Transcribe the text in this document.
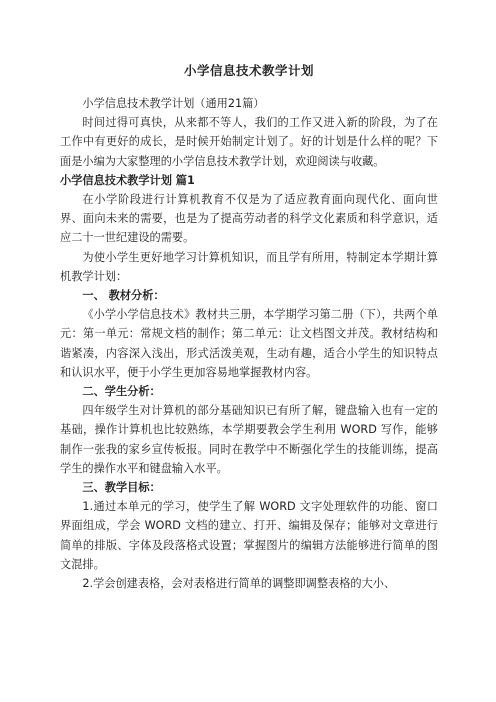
小学信息技术教学计划

小学信息技术教学计划（通用21篇）

时间过得可真快，从来都不等人，我们的工作又进入新的阶段，为了在工作中有更好的成长，是时候开始制定计划了。好的计划是什么样的呢？下面是小编为大家整理的小学信息技术教学计划，欢迎阅读与收藏。

小学信息技术教学计划 篇1

在小学阶段进行计算机教育不仅是为了适应教育面向现代化、面向世界、面向未来的需要，也是为了提高劳动者的科学文化素质和科学意识，适应二十一世纪建设的需要。

为使小学生更好地学习计算机知识，而且学有所用，特制定本学期计算机教学计划：

一、 教材分析：

《小学小学信息技术》教材共三册，本学期学习第二册（下），共两个单元：第一单元：常规文档的制作；第二单元：让文档图文并茂。教材结构和谐紧凑，内容深入浅出，形式活泼美观，生动有趣，适合小学生的知识特点和认识水平，便于小学生更加容易地掌握教材内容。

二、学生分析：

四年级学生对计算机的部分基础知识已有所了解，键盘输入也有一定的基础，操作计算机也比较熟练，本学期要教会学生利用 WORD 写作，能够制作一张我的家乡宣传板报。同时在教学中不断强化学生的技能训练，提高学生的操作水平和键盘输入水平。

三、教学目标：

1.通过本单元的学习，使学生了解 WORD 文字处理软件的功能、窗口界面组成，学会 WORD 文档的建立、打开、编辑及保存；能够对文章进行简单的排版、字体及段落格式设置；掌握图片的编辑方法能够进行简单的图文混排。

2.学会创建表格，会对表格进行简单的调整即调整表格的大小、
